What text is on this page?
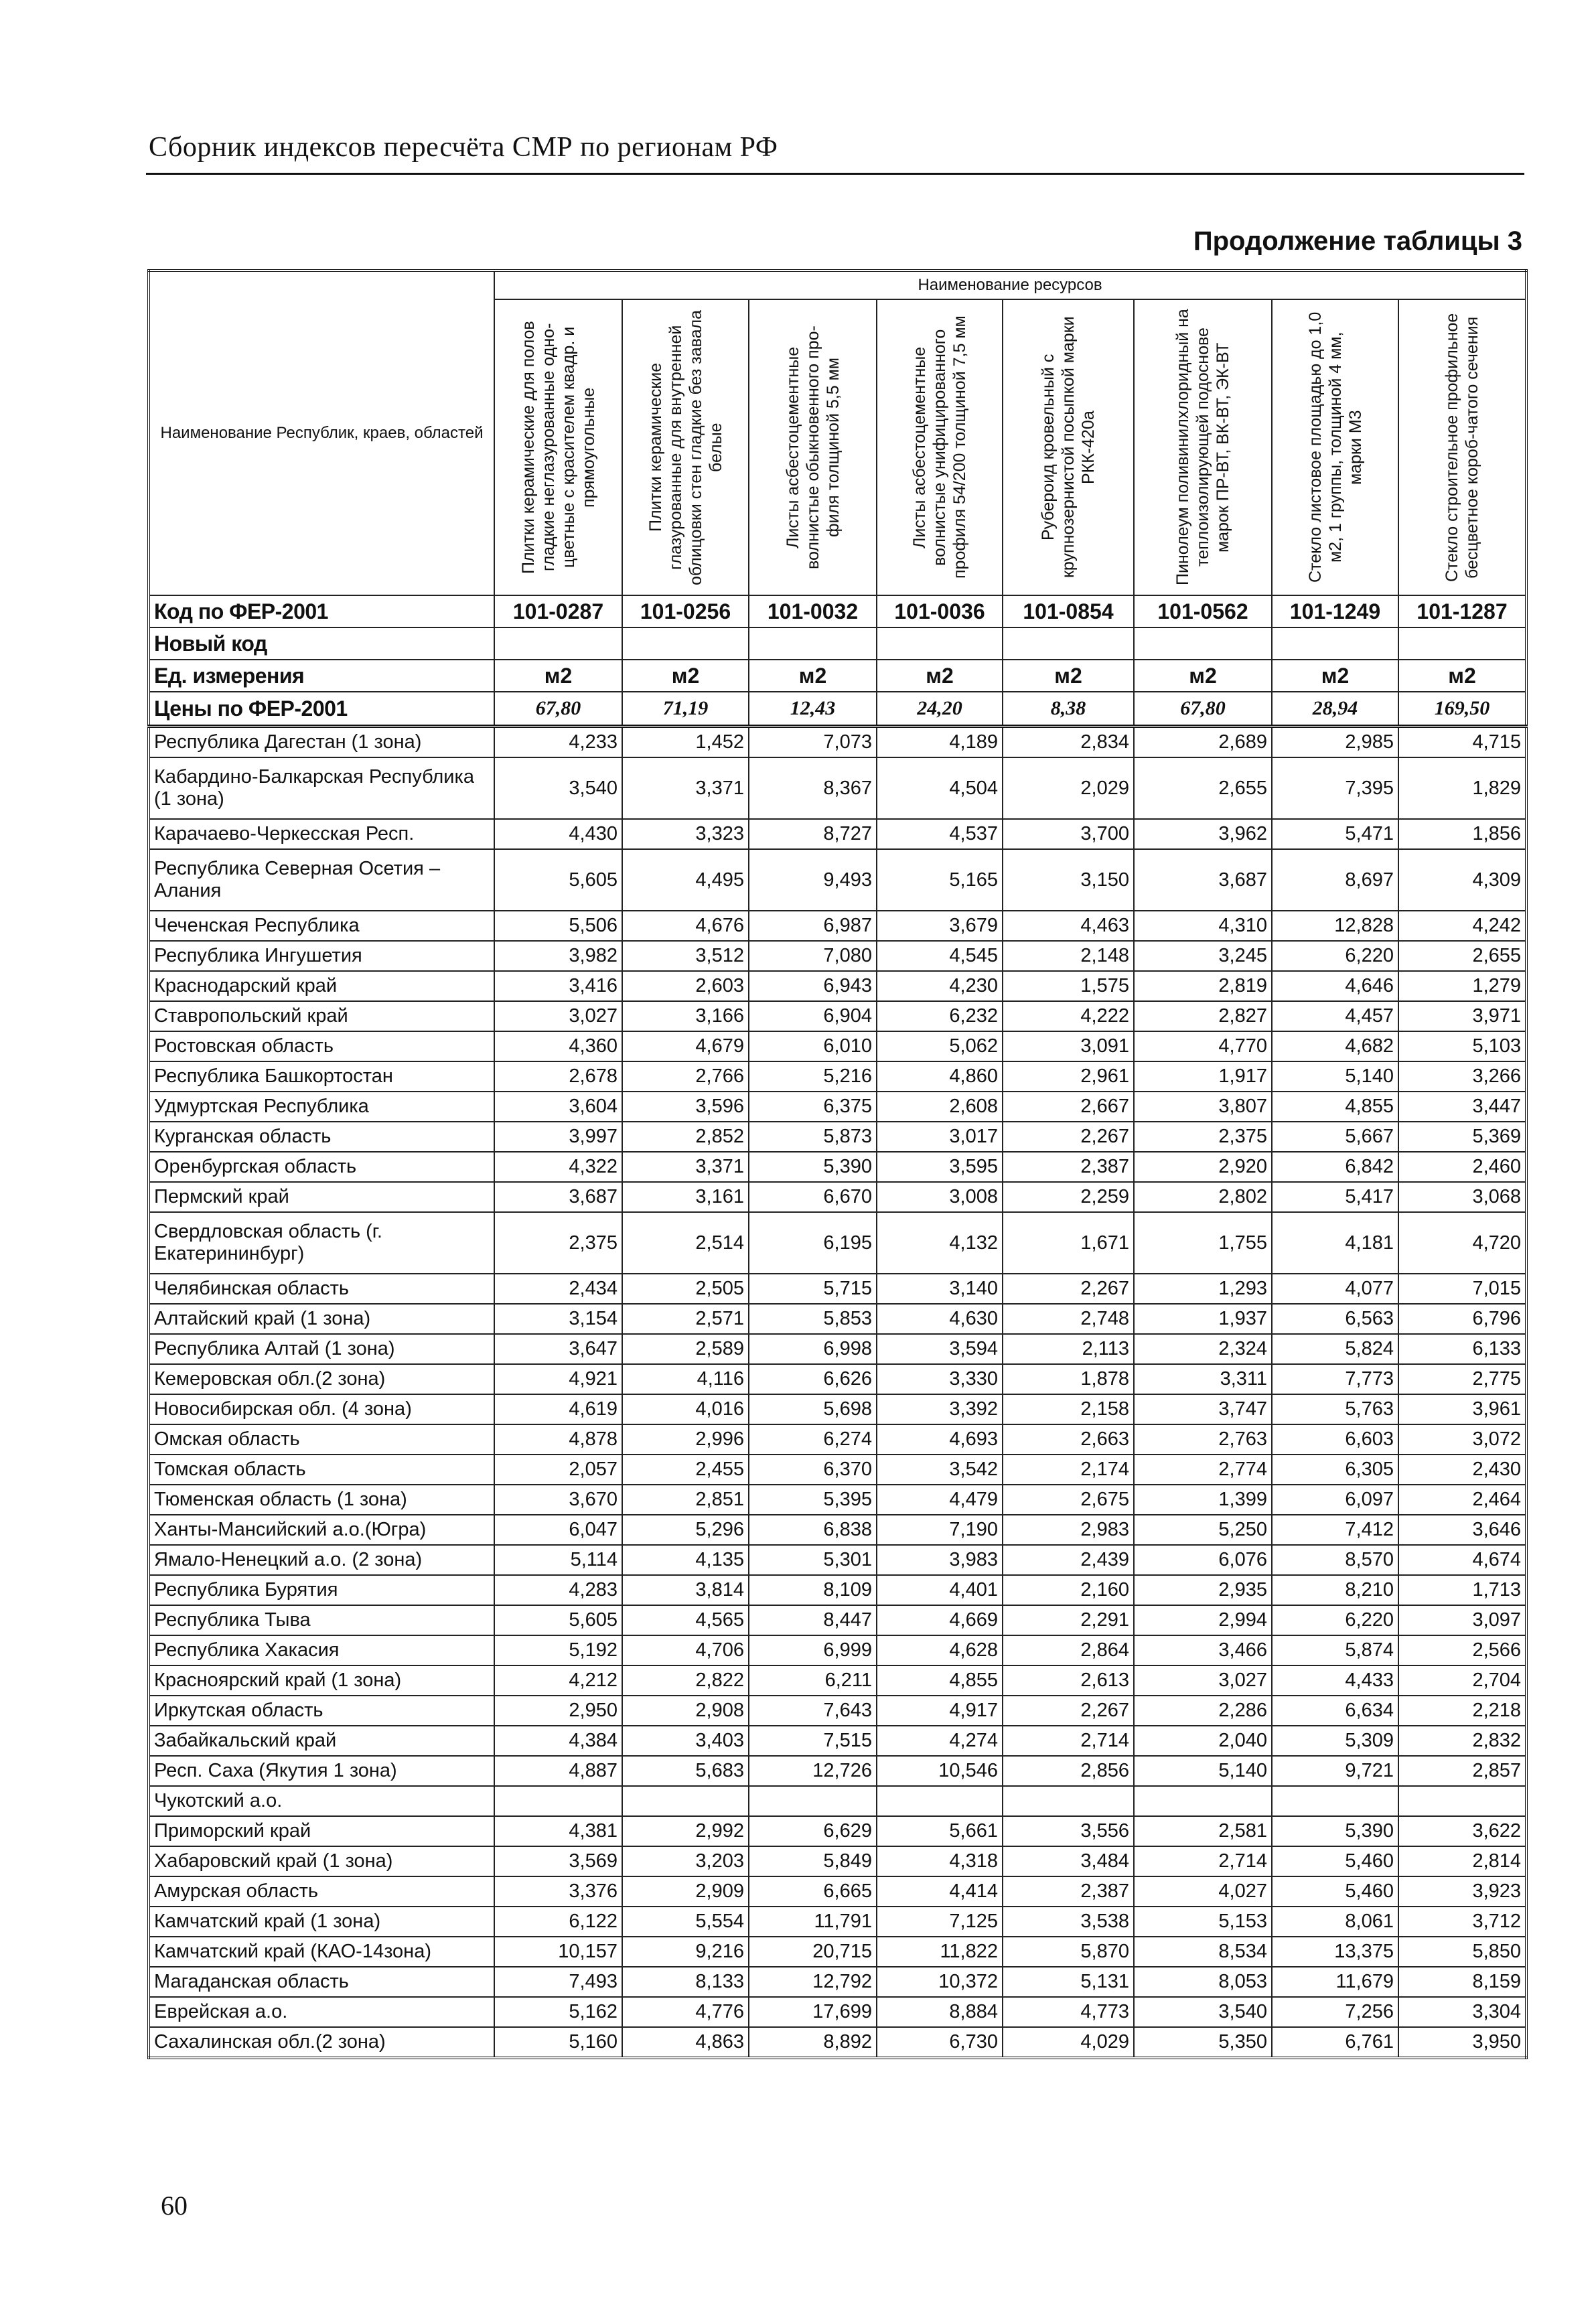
Сборник индексов пересчёта СМР по регионам РФ
Продолжение таблицы 3
Наименование Республик, краев, областей	Наименование ресурсов							

	Плитки керамические для полов гладкие неглазурованные одно-цветные с красителем квадр. и прямоугольные	Плитки керамические глазурованные для внутренней облицовки стен гладкие без завала белые	Листы асбестоцементные волнистые обыкновенного про-филя толщиной 5,5 мм	Листы асбестоцементные волнистые унифицированного профиля 54/200 толщиной 7,5 мм	Рубероид кровельный с крупнозернистой посыпкой марки РКК-420а	Пинолеум поливинилхлоридный на теплоизолирующей подоснове марок ПР-ВТ, ВК-ВТ, ЭК-ВТ	Стекло листовое площадью до 1,0 м2, 1 группы, толщиной 4 мм, марки М3	Стекло строительное профильное бесцветное короб-чатого сечения

Код по ФЕР-2001	101-0287	101-0256	101-0032	101-0036	101-0854	101-0562	101-1249	101-1287
Новый код								
Ед. измерения	м2	м2	м2	м2	м2	м2	м2	м2
Цены по ФЕР-2001	67,80	71,19	12,43	24,20	8,38	67,80	28,94	169,50
Республика Дагестан (1 зона)	4,233	1,452	7,073	4,189	2,834	2,689	2,985	4,715
Кабардино-Балкарская Республика (1 зона)	3,540	3,371	8,367	4,504	2,029	2,655	7,395	1,829
Карачаево-Черкесская Респ.	4,430	3,323	8,727	4,537	3,700	3,962	5,471	1,856
Республика Северная Осетия – Алания	5,605	4,495	9,493	5,165	3,150	3,687	8,697	4,309
Чеченская Республика	5,506	4,676	6,987	3,679	4,463	4,310	12,828	4,242
Республика Ингушетия	3,982	3,512	7,080	4,545	2,148	3,245	6,220	2,655
Краснодарский край	3,416	2,603	6,943	4,230	1,575	2,819	4,646	1,279
Ставропольский край	3,027	3,166	6,904	6,232	4,222	2,827	4,457	3,971
Ростовская область	4,360	4,679	6,010	5,062	3,091	4,770	4,682	5,103
Республика Башкортостан	2,678	2,766	5,216	4,860	2,961	1,917	5,140	3,266
Удмуртская Республика	3,604	3,596	6,375	2,608	2,667	3,807	4,855	3,447
Курганская область	3,997	2,852	5,873	3,017	2,267	2,375	5,667	5,369
Оренбургская область	4,322	3,371	5,390	3,595	2,387	2,920	6,842	2,460
Пермский край	3,687	3,161	6,670	3,008	2,259	2,802	5,417	3,068
Свердловская область (г. Екатерининбург)	2,375	2,514	6,195	4,132	1,671	1,755	4,181	4,720
Челябинская область	2,434	2,505	5,715	3,140	2,267	1,293	4,077	7,015
Алтайский край (1 зона)	3,154	2,571	5,853	4,630	2,748	1,937	6,563	6,796
Республика Алтай (1 зона)	3,647	2,589	6,998	3,594	2,113	2,324	5,824	6,133
Кемеровская обл.(2 зона)	4,921	4,116	6,626	3,330	1,878	3,311	7,773	2,775
Новосибирская обл. (4 зона)	4,619	4,016	5,698	3,392	2,158	3,747	5,763	3,961
Омская область	4,878	2,996	6,274	4,693	2,663	2,763	6,603	3,072
Томская область	2,057	2,455	6,370	3,542	2,174	2,774	6,305	2,430
Тюменская область (1 зона)	3,670	2,851	5,395	4,479	2,675	1,399	6,097	2,464
Ханты-Мансийский а.о.(Югра)	6,047	5,296	6,838	7,190	2,983	5,250	7,412	3,646
Ямало-Ненецкий а.о. (2 зона)	5,114	4,135	5,301	3,983	2,439	6,076	8,570	4,674
Республика Бурятия	4,283	3,814	8,109	4,401	2,160	2,935	8,210	1,713
Республика Тыва	5,605	4,565	8,447	4,669	2,291	2,994	6,220	3,097
Республика Хакасия	5,192	4,706	6,999	4,628	2,864	3,466	5,874	2,566
Красноярский край (1 зона)	4,212	2,822	6,211	4,855	2,613	3,027	4,433	2,704
Иркутская область	2,950	2,908	7,643	4,917	2,267	2,286	6,634	2,218
Забайкальский край	4,384	3,403	7,515	4,274	2,714	2,040	5,309	2,832
Респ. Саха (Якутия 1 зона)	4,887	5,683	12,726	10,546	2,856	5,140	9,721	2,857
Чукотский а.о.								
Приморский край	4,381	2,992	6,629	5,661	3,556	2,581	5,390	3,622
Хабаровский край (1 зона)	3,569	3,203	5,849	4,318	3,484	2,714	5,460	2,814
Амурская область	3,376	2,909	6,665	4,414	2,387	4,027	5,460	3,923
Камчатский край (1 зона)	6,122	5,554	11,791	7,125	3,538	5,153	8,061	3,712
Камчатский край (КАО-14зона)	10,157	9,216	20,715	11,822	5,870	8,534	13,375	5,850
Магаданская область	7,493	8,133	12,792	10,372	5,131	8,053	11,679	8,159
Еврейская а.о.	5,162	4,776	17,699	8,884	4,773	3,540	7,256	3,304
Сахалинская обл.(2 зона)	5,160	4,863	8,892	6,730	4,029	5,350	6,761	3,950
60
